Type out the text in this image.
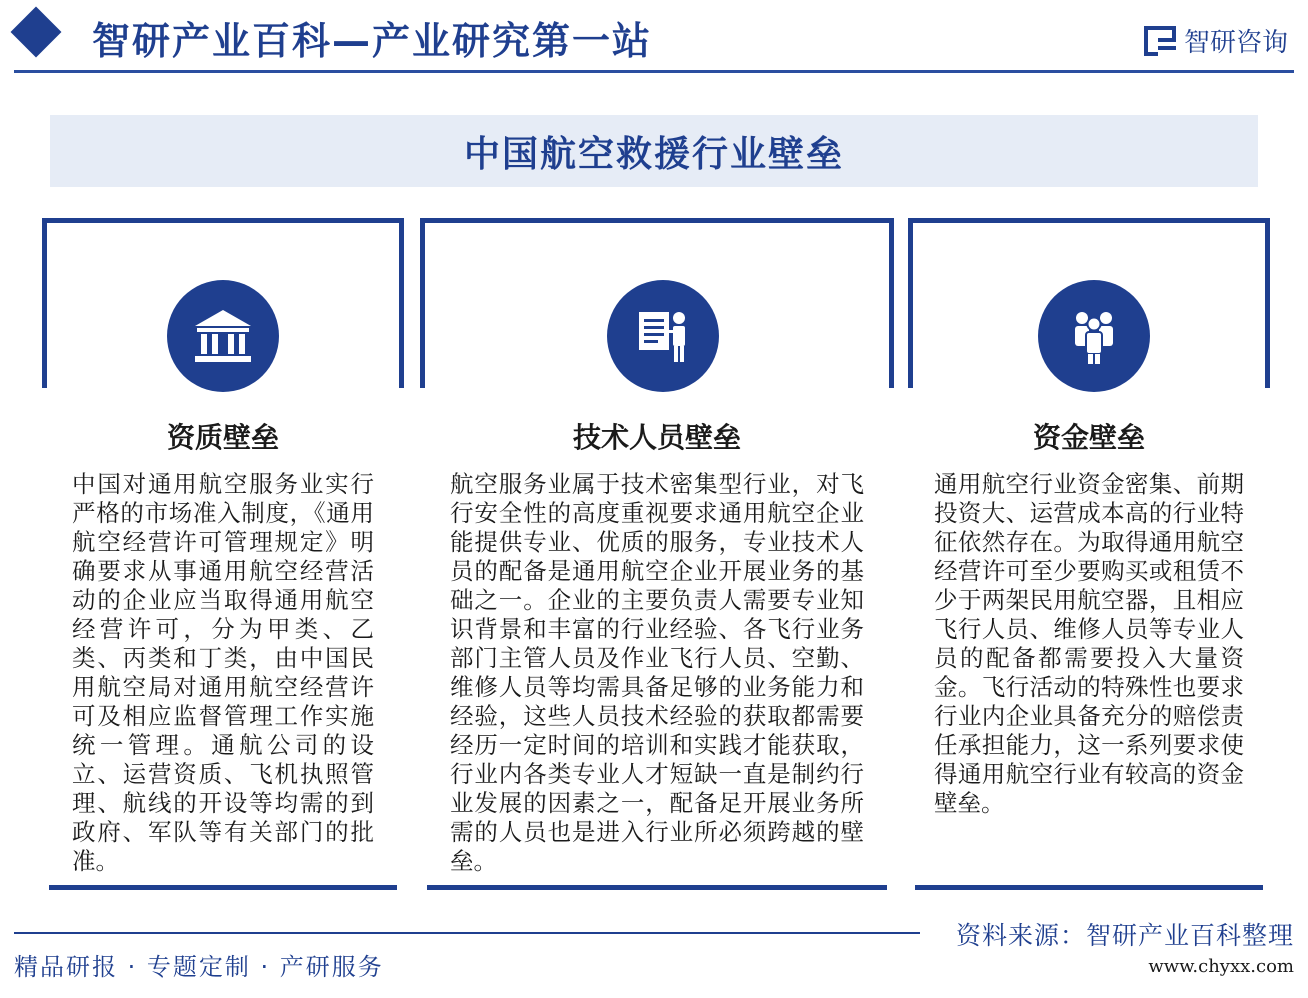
智研产业百科—产业研究第一站	智研咨询
中国航空救援行业壁垒
资质壁垒
中国对通用航空服务业实行严格的市场准入制度，《通用航空经营许可管理规定》明确要求从事通用航空经营活动的企业应当取得通用航空经营许可，分为甲类、乙类、丙类和丁类，由中国民用航空局对通用航空经营许可及相应监督管理工作实施统一管理。通航公司的设立、运营资质、飞机执照管理、航线的开设等均需的到政府、军队等有关部门的批准。
技术人员壁垒
航空服务业属于技术密集型行业，对飞行安全性的高度重视要求通用航空企业能提供专业、优质的服务，专业技术人员的配备是通用航空企业开展业务的基础之一。企业的主要负责人需要专业知识背景和丰富的行业经验、各飞行业务部门主管人员及作业飞行人员、空勤、维修人员等均需具备足够的业务能力和经验，这些人员技术经验的获取都需要经历一定时间的培训和实践才能获取，行业内各类专业人才短缺一直是制约行业发展的因素之一，配备足开展业务所需的人员也是进入行业所必须跨越的壁垒。
资金壁垒
通用航空行业资金密集、前期投资大、运营成本高的行业特征依然存在。为取得通用航空经营许可至少要购买或租赁不少于两架民用航空器，且相应飞行人员、维修人员等专业人员的配备都需要投入大量资金。飞行活动的特殊性也要求行业内企业具备充分的赔偿责任承担能力，这一系列要求使得通用航空行业有较高的资金壁垒。
资料来源：智研产业百科整理
精品研报 · 专题定制 · 产研服务	www.chyxx.com
